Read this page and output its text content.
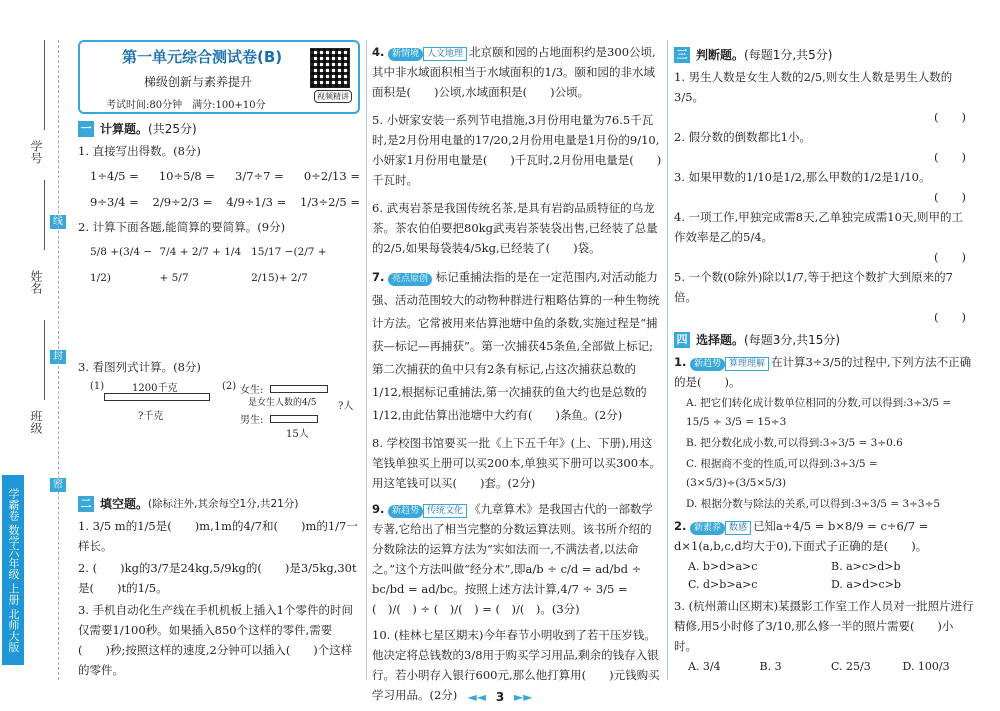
学号
线
姓名
封
班级
密
学霸卷 数学六年级 上册 北师大版
第一单元综合测试卷(B)
梯级创新与素养提升
考试时间:80分钟　满分:100+10分
视频精讲
一 计算题。 (共25分)
1. 直接写出得数。(8分)
1÷4/5 = 10÷5/8 = 3/7÷7 = 0÷2/13 =
9÷3/4 = 2/9÷2/3 = 4/9÷1/3 = 1/3÷2/5 =
2. 计算下面各题,能简算的要简算。(9分)
5/8 +(3/4 − 1/2)
7/4 + 2/7 + 1/4 + 5/7
15/17 −(2/7 + 2/15)+ 2/7
3. 看图列式计算。(8分)
(1)	1200千克
?千克
(2) 女生:
是女生人数的4/5
男生:
15人
?人
二 填空题。 (除标注外,其余每空1分,共21分)
1. 3/5 m的1/5是(　　)m,1m的4/7和(　　)m的1/7一样长。
2. (　　)kg的3/7是24kg,5/9kg的(　　)是3/5kg,30t是(　　)t的1/5。
3. 手机自动化生产线在手机机板上插入1个零件的时间仅需要1/100秒。如果插入850个这样的零件,需要(　　)秒;按照这样的速度,2分钟可以插入(　　)个这样的零件。
4. 新情境 人文地理 北京颐和园的占地面积约是300公顷,其中非水域面积相当于水域面积的1/3。颐和园的非水域面积是(　　)公顷,水域面积是(　　)公顷。
5. 小妍家安装一系列节电措施,3月份用电量为76.5千瓦时,是2月份用电量的17/20,2月份用电量是1月份的9/10,小妍家1月份用电量是(　　)千瓦时,2月份用电量是(　　)千瓦时。
6. 武夷岩茶是我国传统名茶,是具有岩韵品质特征的乌龙茶。茶农伯伯要把80kg武夷岩茶装袋出售,已经装了总量的2/5,如果每袋装4/5kg,已经装了(　　)袋。
7. 亮点原创 标记重捕法指的是在一定范围内,对活动能力强、活动范围较大的动物种群进行粗略估算的一种生物统计方法。它常被用来估算池塘中鱼的条数,实施过程是“捕获—标记—再捕获”。第一次捕获45条鱼,全部做上标记;第二次捕获的鱼中只有2条有标记,占这次捕获总数的1/12,根据标记重捕法,第一次捕获的鱼大约也是总数的1/12,由此估算出池塘中大约有(　　)条鱼。(2分)
8. 学校图书馆要买一批《上下五千年》(上、下册),用这笔钱单独买上册可以买200本,单独买下册可以买300本。用这笔钱可以买(　　)套。(2分)
9. 新趋势 传统文化 《九章算术》是我国古代的一部数学专著,它给出了相当完整的分数运算法则。该书所介绍的分数除法的运算方法为“实如法而一,不满法者,以法命之。”这个方法叫做“经分术”,即a/b ÷ c/d = ad/bd ÷ bc/bd = ad/bc。按照上述方法计算,4/7 ÷ 3/5 = (　)/(　) ÷ (　)/(　) = (　)/(　)。(3分)
10. (桂林七星区期末)今年春节小明收到了若干压岁钱。他决定将总钱数的3/8用于购买学习用品,剩余的钱存入银行。若小明存入银行600元,那么他打算用(　　)元钱购买学习用品。(2分)
三 判断题。 (每题1分,共5分)
1. 男生人数是女生人数的2/5,则女生人数是男生人数的3/5。
(　　)
2. 假分数的倒数都比1小。
(　　)
3. 如果甲数的1/10是1/2,那么甲数的1/2是1/10。
(　　)
4. 一项工作,甲独完成需8天,乙单独完成需10天,则甲的工作效率是乙的5/4。
(　　)
5. 一个数(0除外)除以1/7,等于把这个数扩大到原来的7倍。
(　　)
四 选择题。 (每题3分,共15分)
1. 新趋势 算理理解 在计算3÷3/5的过程中,下列方法不正确的是(　　)。
A. 把它们转化成计数单位相同的分数,可以得到:3÷3/5 = 15/5 ÷ 3/5 = 15÷3
B. 把分数化成小数,可以得到:3÷3/5 = 3÷0.6
C. 根据商不变的性质,可以得到:3÷3/5 =(3×5/3)÷(3/5×5/3)
D. 根据分数与除法的关系,可以得到:3÷3/5 = 3÷3÷5
2. 新素养 数感 已知a÷4/5 = b×8/9 = c÷6/7 = d×1(a,b,c,d均大于0),下面式子正确的是(　　)。
A. b>d>a>c	B. a>c>d>b
C. d>b>a>c	D. a>d>c>b
3. (杭州萧山区期末)某摄影工作室工作人员对一批照片进行精修,用5小时修了3/10,那么修一半的照片需要(　　)小时。
A. 3/4	B. 3	C. 25/3	D. 100/3
◄◄ 3 ►►
